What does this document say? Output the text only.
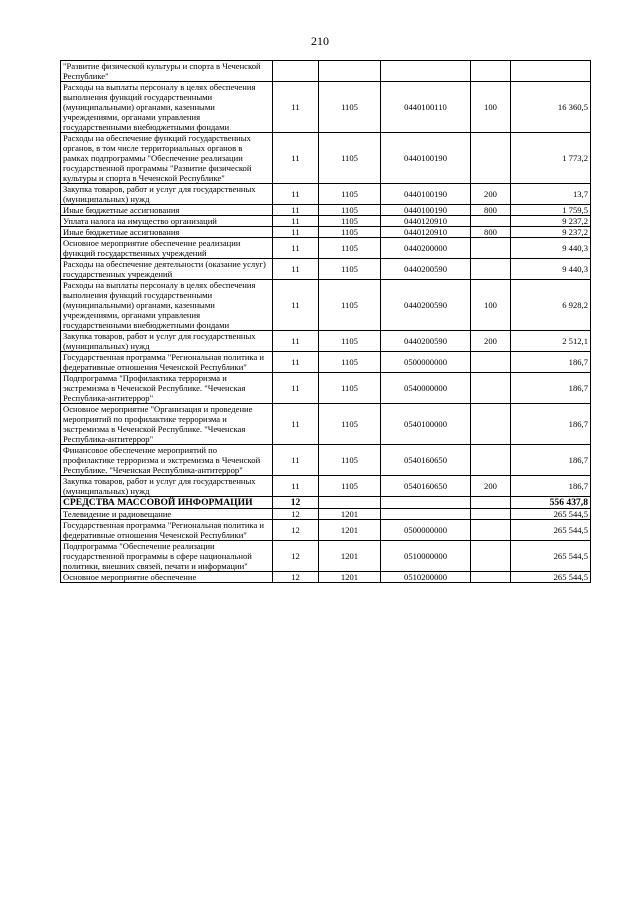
210
"Развитие физической культуры и спорта в Чеченской Республике"					
Расходы на выплаты персоналу в целях обеспечения выполнения функций государственными (муниципальными) органами, казенными учреждениями, органами управления государственными внебюджетными фондами	11	1105	0440100110	100	16 360,5
Расходы на обеспечение функций государственных органов, в том числе территориальных органов в рамках подпрограммы "Обеспечение реализации государственной программы "Развитие физической культуры и спорта в Чеченской Республике"	11	1105	0440100190		1 773,2
Закупка товаров, работ и услуг для государственных (муниципальных) нужд	11	1105	0440100190	200	13,7
Иные бюджетные ассигнования	11	1105	0440100190	800	1 759,5
Уплата налога на имущество организаций	11	1105	0440120910		9 237,2
Иные бюджетные ассигнования	11	1105	0440120910	800	9 237,2
Основное мероприятие обеспечение реализации функций государственных учреждений	11	1105	0440200000		9 440,3
Расходы на обеспечение деятельности (оказание услуг) государственных учреждений	11	1105	0440200590		9 440,3
Расходы на выплаты персоналу в целях обеспечения выполнения функций государственными (муниципальными) органами, казенными учреждениями, органами управления государственными внебюджетными фондами	11	1105	0440200590	100	6 928,2
Закупка товаров, работ и услуг для государственных (муниципальных) нужд	11	1105	0440200590	200	2 512,1
Государственная программа "Региональная политика и федеративные отношения Чеченской Республики"	11	1105	0500000000		186,7
Подпрограмма "Профилактика терроризма и экстремизма в Чеченской Республике. "Чеченская Республика-антитеррор"	11	1105	0540000000		186,7
Основное мероприятие "Организация и проведение мероприятий по профилактике терроризма и экстремизма в Чеченской Республике. "Чеченская Республика-антитеррор"	11	1105	0540100000		186,7
Финансовое обеспечение мероприятий по профилактике терроризма и экстремизма в Чеченской Республике. "Чеченская Республика-антитеррор"	11	1105	0540160650		186,7
Закупка товаров, работ и услуг для государственных (муниципальных) нужд	11	1105	0540160650	200	186,7
СРЕДСТВА МАССОВОЙ ИНФОРМАЦИИ	12				556 437,8
Телевидение и радиовещание	12	1201			265 544,5
Государственная программа "Региональная политика и федеративные отношения Чеченской Республики"	12	1201	0500000000		265 544,5
Подпрограмма "Обеспечение реализации государственной программы в сфере национальной политики, внешних связей, печати и информации"	12	1201	0510000000		265 544,5
Основное мероприятие обеспечение	12	1201	0510200000		265 544,5
